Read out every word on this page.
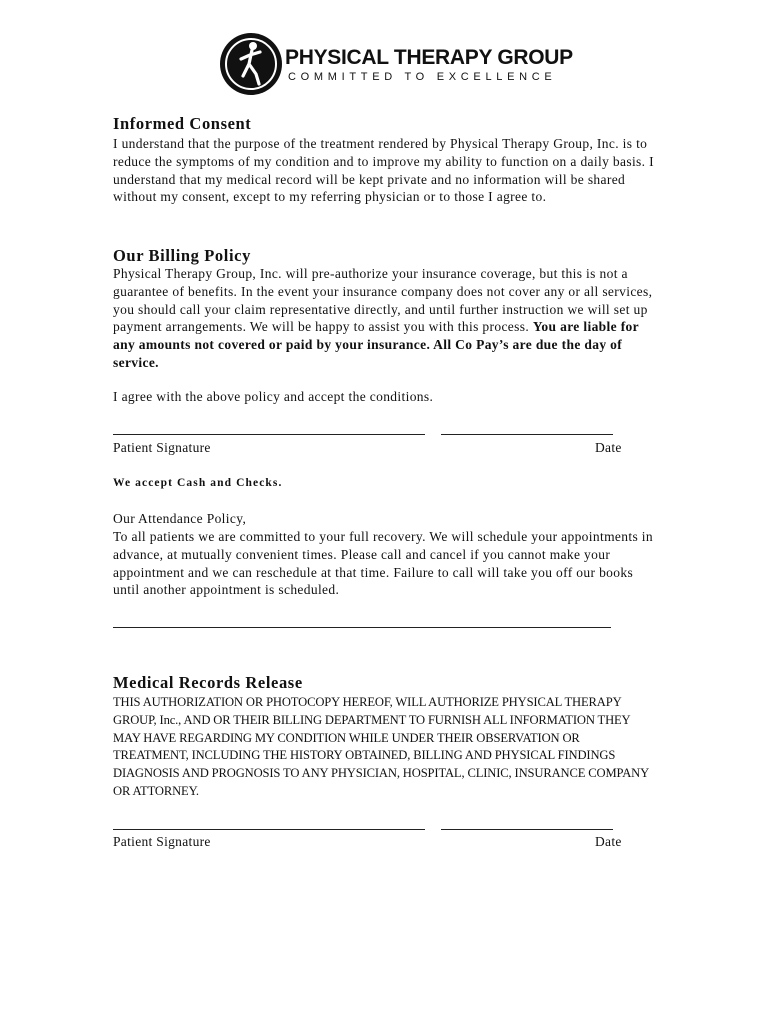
PHYSICAL THERAPY GROUP
COMMITTED TO EXCELLENCE
Informed Consent

I understand that the purpose of the treatment rendered by Physical Therapy Group, Inc. is to reduce the symptoms of my condition and to improve my ability to function on a daily basis. I understand that my medical record will be kept private and no information will be shared without my consent, except to my referring physician or to those I agree to.

Our Billing Policy

Physical Therapy Group, Inc. will pre-authorize your insurance coverage, but this is not a guarantee of benefits. In the event your insurance company does not cover any or all services, you should call your claim representative directly, and until further instruction we will set up payment arrangements. We will be happy to assist you with this process. You are liable for any amounts not covered or paid by your insurance. All Co Pay’s are due the day of service.

I agree with the above policy and accept the conditions.

Patient Signature	Date
We accept Cash and Checks.

Our Attendance Policy,

To all patients we are committed to your full recovery. We will schedule your appointments in advance, at mutually convenient times. Please call and cancel if you cannot make your appointment and we can reschedule at that time. Failure to call will take you off our books until another appointment is scheduled.

Medical Records Release

THIS AUTHORIZATION OR PHOTOCOPY HEREOF, WILL AUTHORIZE PHYSICAL THERAPY GROUP, Inc., AND OR THEIR BILLING DEPARTMENT TO FURNISH ALL INFORMATION THEY MAY HAVE REGARDING MY CONDITION WHILE UNDER THEIR OBSERVATION OR TREATMENT, INCLUDING THE HISTORY OBTAINED, BILLING AND PHYSICAL FINDINGS DIAGNOSIS AND PROGNOSIS TO ANY PHYSICIAN, HOSPITAL, CLINIC, INSURANCE COMPANY OR ATTORNEY.

Patient Signature	Date
